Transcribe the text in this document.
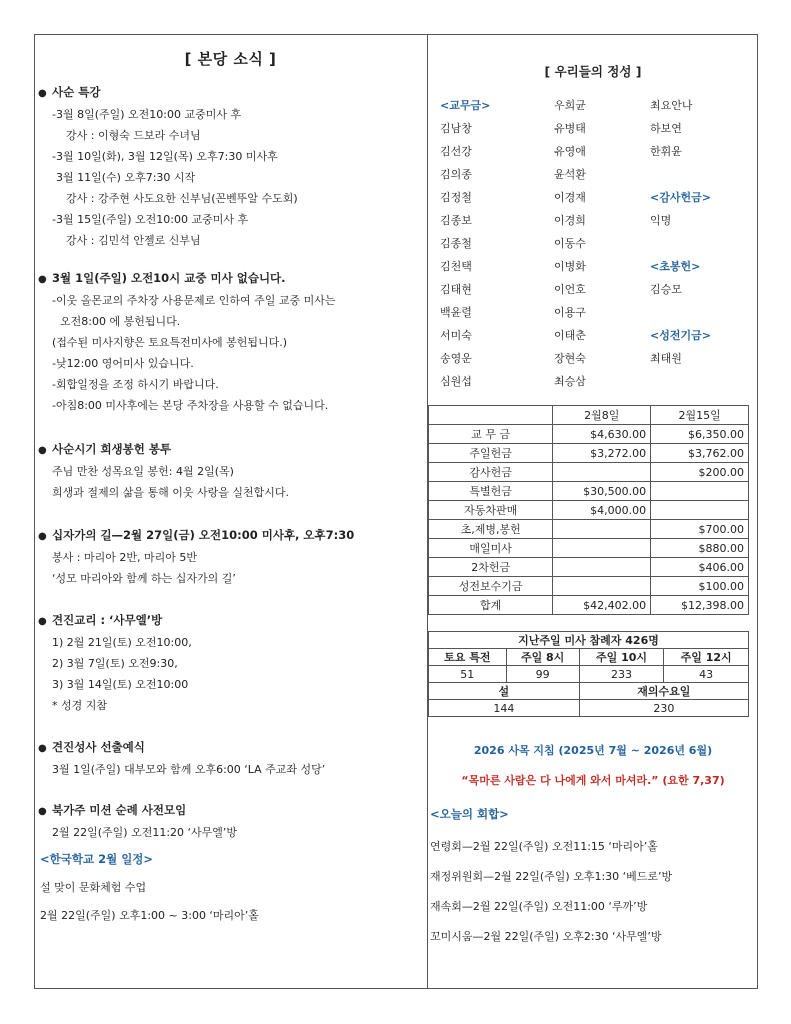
[ 본당 소식 ]
● 사순 특강
-3월 8일(주일) 오전10:00 교중미사 후
강사 : 이형숙 드보라 수녀님
-3월 10일(화), 3월 12일(목) 오후7:30 미사후
3월 11일(수) 오후7:30 시작
강사 : 강주현 사도요한 신부님(꼰벤뚜알 수도회)
-3월 15일(주일) 오전10:00 교중미사 후
강사 : 김민석 안젤로 신부님
● 3월 1일(주일) 오전10시 교중 미사 없습니다.
-이웃 올몬교의 주차장 사용문제로 인하여 주일 교중 미사는
오전8:00 에 봉헌됩니다.
(접수된 미사지향은 토요특전미사에 봉헌됩니다.)
-낮12:00 영어미사 있습니다.
-회합일정을 조정 하시기 바랍니다.
-아침8:00 미사후에는 본당 주차장을 사용할 수 없습니다.
● 사순시기 희생봉헌 봉투
주님 만찬 성목요일 봉헌: 4월 2일(목)
희생과 절제의 삶을 통해 이웃 사랑을 실천합시다.
● 십자가의 길—2월 27일(금) 오전10:00 미사후, 오후7:30
봉사 : 마리아 2반, 마리아 5반
‘성모 마리아와 함께 하는 십자가의 길’
● 견진교리 : ‘사무엘’방
1) 2월 21일(토) 오전10:00,
2) 3월 7일(토) 오전9:30,
3) 3월 14일(토) 오전10:00
* 성경 지참
● 견진성사 선출예식
3월 1일(주일) 대부모와 함께 오후6:00 ‘LA 주교좌 성당’
● 북가주 미션 순례 사전모임
2월 22일(주일) 오전11:20 ‘사무엘’방
<한국학교 2월 일정>
설 맞이 문화체험 수업
2월 22일(주일) 오후1:00 ~ 3:00 ‘마리아’홀
[ 우리들의 정성 ]
<교무금>	우희균	최요안나
김남창	유병태	하보연
김선강	유영애	한휘윤
김의종	윤석환
김정철	이경재	<감사헌금>
김종보	이경희	익명
김종철	이동수
김천택	이병화	<초봉헌>
김태현	이언호	김승모
백윤렬	이용구
서미숙	이태춘	<성전기금>
송영운	장현숙	최태원
심원섭	최승삼
	2월8일	2월15일
교 무 금	$4,630.00	$6,350.00
주일헌금	$3,272.00	$3,762.00
감사헌금		$200.00
특별헌금	$30,500.00	
자동차판매	$4,000.00	
초,제병,봉헌		$700.00
매일미사		$880.00
2차헌금		$406.00
성전보수기금		$100.00
합계	$42,402.00	$12,398.00
지난주일 미사 참례자 426명			
토요 특전	주일 8시	주일 10시	주일 12시
51	99	233	43
설		재의수요일	
144		230	
2026 사목 지침 (2025년 7월 ~ 2026년 6월)
“목마른 사람은 다 나에게 와서 마셔라.” (요한 7,37)
<오늘의 회합>
연령회—2월 22일(주일) 오전11:15 ‘마리아’홀
재정위원회—2월 22일(주일) 오후1:30 ‘베드로’방
재속회—2월 22일(주일) 오전11:00 ‘루까’방
꼬미시움—2월 22일(주일) 오후2:30 ‘사무엘’방
